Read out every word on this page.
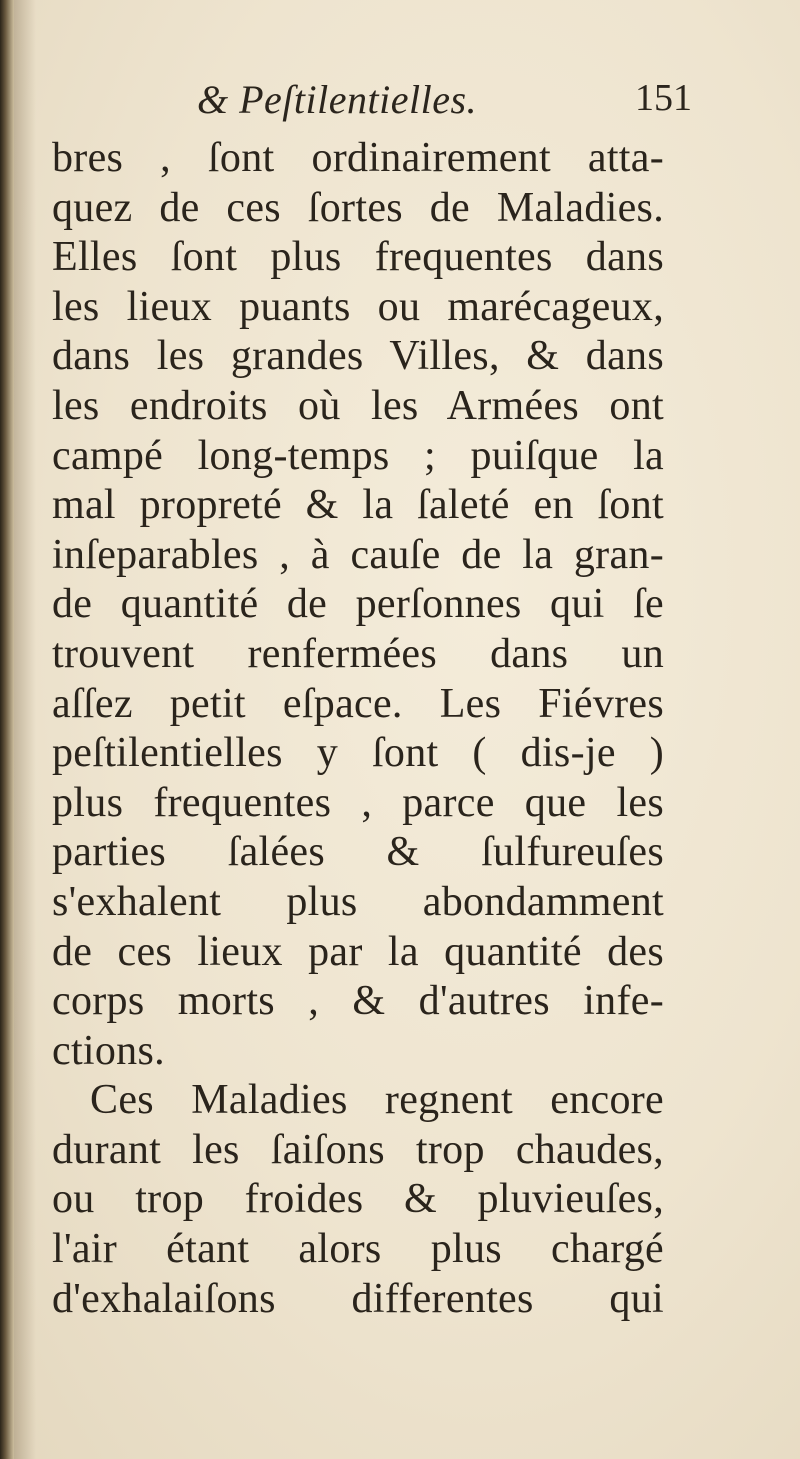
& Peſtilentielles.	151
bres , ſont ordinairement atta-
quez de ces ſortes de Maladies.
Elles ſont plus frequentes dans
les lieux puants ou marécageux,
dans les grandes Villes, & dans
les endroits où les Armées ont
campé long-temps ; puiſque la
mal propreté & la ſaleté en ſont
inſeparables , à cauſe de la gran-
de quantité de perſonnes qui ſe
trouvent renfermées dans un
aſſez petit eſpace. Les Fiévres
peſtilentielles y ſont ( dis-je )
plus frequentes , parce que les
parties ſalées & ſulfureuſes
s'exhalent plus abondamment
de ces lieux par la quantité des
corps morts , & d'autres infe-
ctions.
Ces Maladies regnent encore
durant les ſaiſons trop chaudes,
ou trop froides & pluvieuſes,
l'air étant alors plus chargé
d'exhalaiſons differentes qui
